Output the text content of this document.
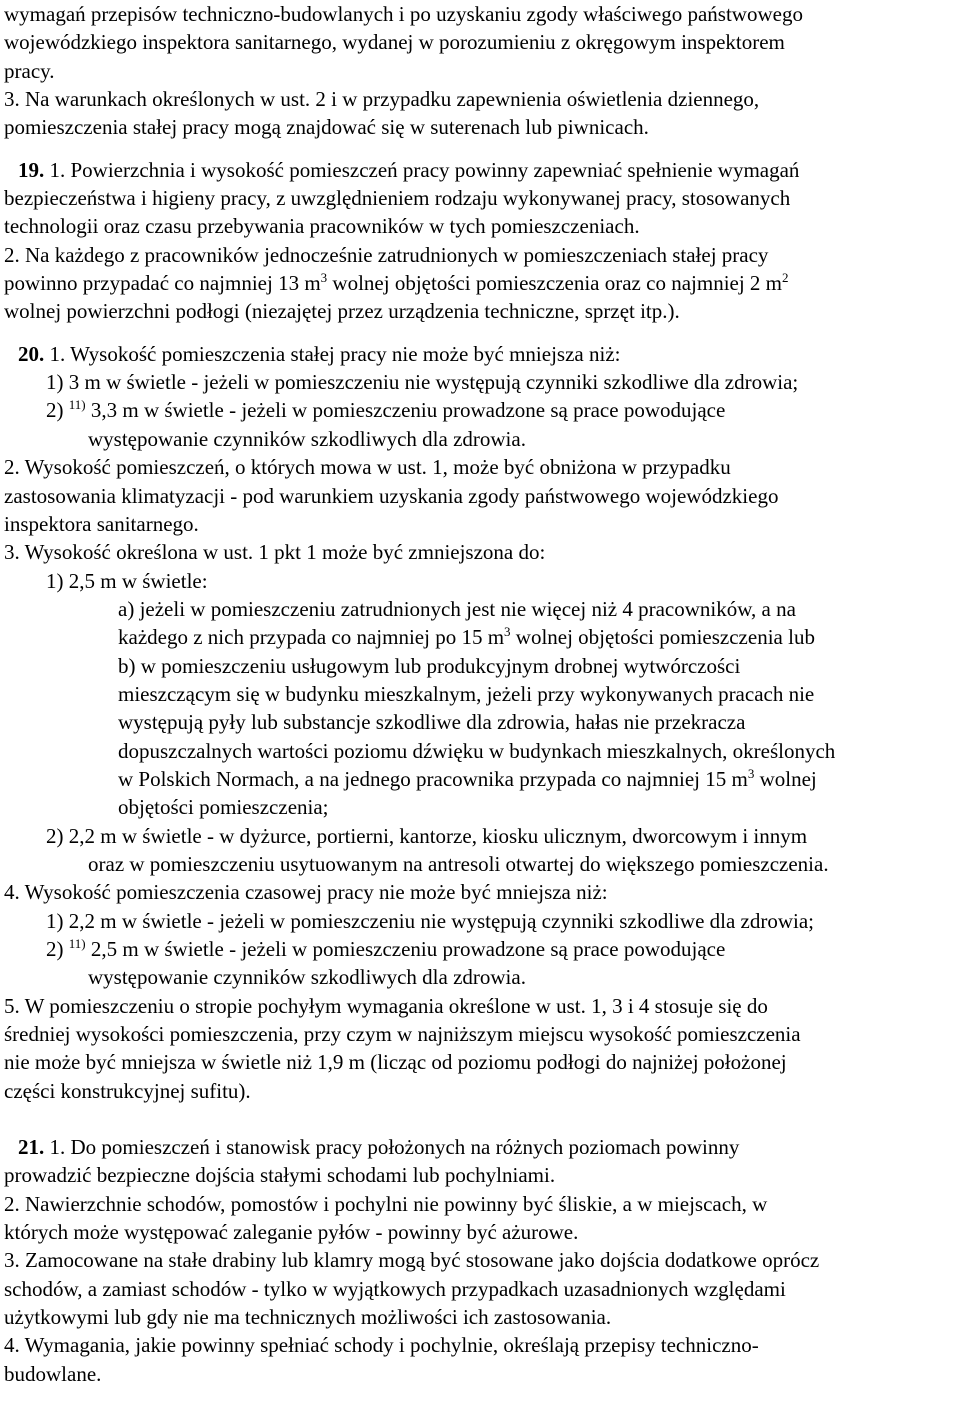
wymagań przepisów techniczno-budowlanych i po uzyskaniu zgody właściwego państwowego

wojewódzkiego inspektora sanitarnego, wydanej w porozumieniu z okręgowym inspektorem

pracy.

3. Na warunkach określonych w ust. 2 i w przypadku zapewnienia oświetlenia dziennego,

pomieszczenia stałej pracy mogą znajdować się w suterenach lub piwnicach.

19. 1. Powierzchnia i wysokość pomieszczeń pracy powinny zapewniać spełnienie wymagań

bezpieczeństwa i higieny pracy, z uwzględnieniem rodzaju wykonywanej pracy, stosowanych

technologii oraz czasu przebywania pracowników w tych pomieszczeniach.

2. Na każdego z pracowników jednocześnie zatrudnionych w pomieszczeniach stałej pracy

powinno przypadać co najmniej 13 $m^3$ wolnej objętości pomieszczenia oraz co najmniej 2 $m^2$

wolnej powierzchni podłogi (niezajętej przez urządzenia techniczne, sprzęt itp.).

20. 1. Wysokość pomieszczenia stałej pracy nie może być mniejsza niż:

1) 3 m w świetle - jeżeli w pomieszczeniu nie występują czynniki szkodliwe dla zdrowia;

2) $^{11)}$ 3,3 m w świetle - jeżeli w pomieszczeniu prowadzone są prace powodujące

występowanie czynników szkodliwych dla zdrowia.

2. Wysokość pomieszczeń, o których mowa w ust. 1, może być obniżona w przypadku

zastosowania klimatyzacji - pod warunkiem uzyskania zgody państwowego wojewódzkiego

inspektora sanitarnego.

3. Wysokość określona w ust. 1 pkt 1 może być zmniejszona do:

1) 2,5 m w świetle:

a) jeżeli w pomieszczeniu zatrudnionych jest nie więcej niż 4 pracowników, a na

każdego z nich przypada co najmniej po 15 $m^3$ wolnej objętości pomieszczenia lub

b) w pomieszczeniu usługowym lub produkcyjnym drobnej wytwórczości

mieszczącym się w budynku mieszkalnym, jeżeli przy wykonywanych pracach nie

występują pyły lub substancje szkodliwe dla zdrowia, hałas nie przekracza

dopuszczalnych wartości poziomu dźwięku w budynkach mieszkalnych, określonych

w Polskich Normach, a na jednego pracownika przypada co najmniej 15 $m^3$ wolnej

objętości pomieszczenia;

2) 2,2 m w świetle - w dyżurce, portierni, kantorze, kiosku ulicznym, dworcowym i innym

oraz w pomieszczeniu usytuowanym na antresoli otwartej do większego pomieszczenia.

4. Wysokość pomieszczenia czasowej pracy nie może być mniejsza niż:

1) 2,2 m w świetle - jeżeli w pomieszczeniu nie występują czynniki szkodliwe dla zdrowia;

2) $^{11)}$ 2,5 m w świetle - jeżeli w pomieszczeniu prowadzone są prace powodujące

występowanie czynników szkodliwych dla zdrowia.

5. W pomieszczeniu o stropie pochyłym wymagania określone w ust. 1, 3 i 4 stosuje się do

średniej wysokości pomieszczenia, przy czym w najniższym miejscu wysokość pomieszczenia

nie może być mniejsza w świetle niż 1,9 m (licząc od poziomu podłogi do najniżej położonej

części konstrukcyjnej sufitu).

21. 1. Do pomieszczeń i stanowisk pracy położonych na różnych poziomach powinny

prowadzić bezpieczne dojścia stałymi schodami lub pochylniami.

2. Nawierzchnie schodów, pomostów i pochylni nie powinny być śliskie, a w miejscach, w

których może występować zaleganie pyłów - powinny być ażurowe.

3. Zamocowane na stałe drabiny lub klamry mogą być stosowane jako dojścia dodatkowe oprócz

schodów, a zamiast schodów - tylko w wyjątkowych przypadkach uzasadnionych względami

użytkowymi lub gdy nie ma technicznych możliwości ich zastosowania.

4. Wymagania, jakie powinny spełniać schody i pochylnie, określają przepisy techniczno-

budowlane.
